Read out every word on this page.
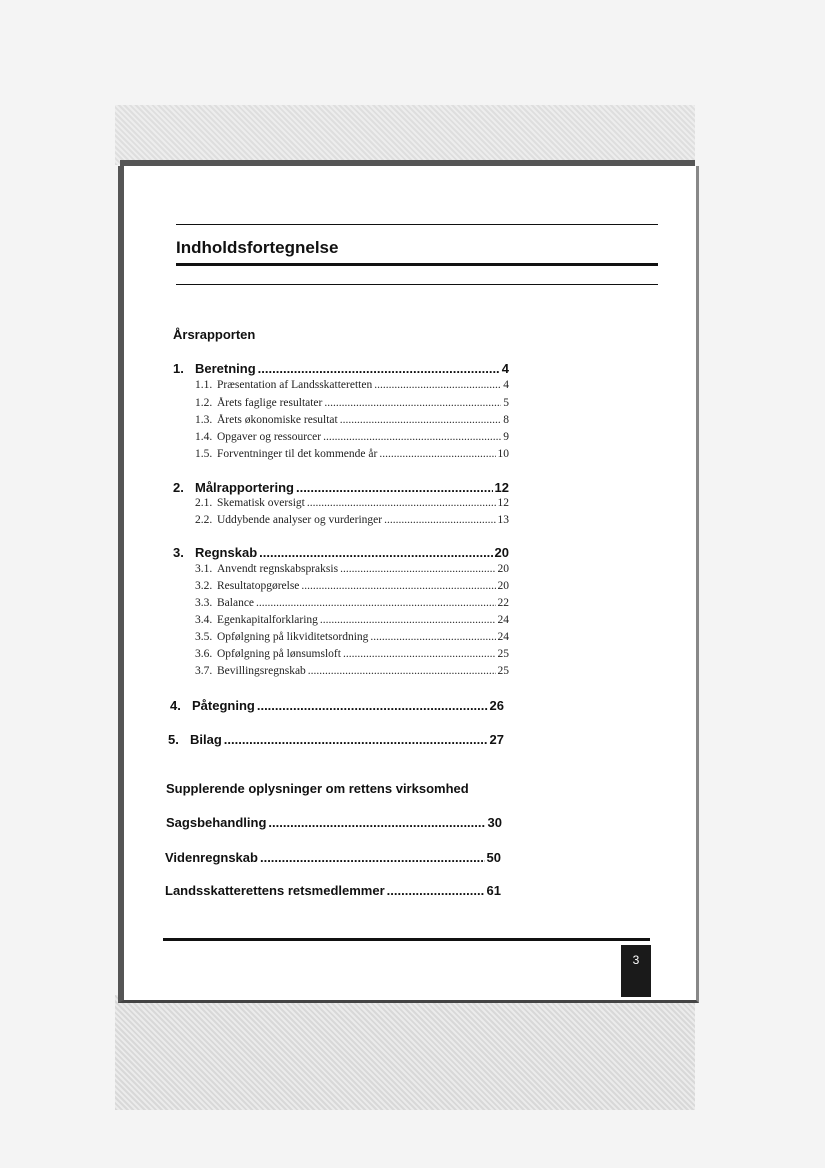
Indholdsfortegnelse
Årsrapporten
1. Beretning .....	4
1.1. Præsentation af Landsskatteretten .....	4
1.2. Årets faglige resultater .....	5
1.3. Årets økonomiske resultat .....	8
1.4. Opgaver og ressourcer .....	9
1.5. Forventninger til det kommende år .....	10
2. Målrapportering .....	12
2.1. Skematisk oversigt .....	12
2.2. Uddybende analyser og vurderinger .....	13
3. Regnskab .....	20
3.1. Anvendt regnskabspraksis .....	20
3.2. Resultatopgørelse .....	20
3.3. Balance .....	22
3.4. Egenkapitalforklaring .....	24
3.5. Opfølgning på likviditetsordning .....	24
3.6. Opfølgning på lønsumsloft .....	25
3.7. Bevillingsregnskab .....	25
4. Påtegning .....	26
5. Bilag .....	27
Supplerende oplysninger om rettens virksomhed
Sagsbehandling .....	30
Videnregnskab .....	50
Landsskatterettens retsmedlemmer .....	61
3
